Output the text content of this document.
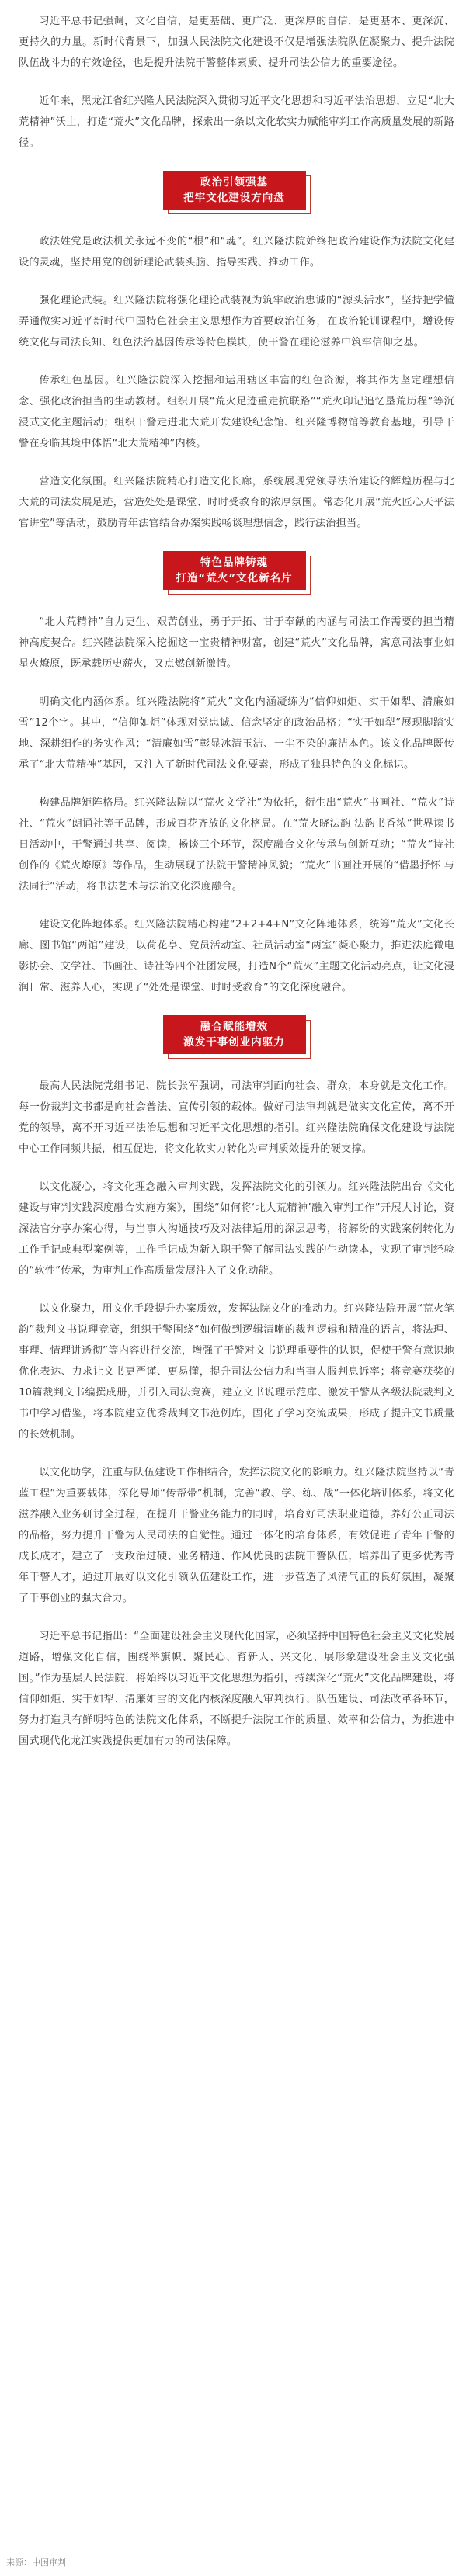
习近平总书记强调，文化自信，是更基础、更广泛、更深厚的自信，是更基本、更深沉、更持久的力量。新时代背景下，加强人民法院文化建设不仅是增强法院队伍凝聚力、提升法院队伍战斗力的有效途径，也是提升法院干警整体素质、提升司法公信力的重要途径。

近年来，黑龙江省红兴隆人民法院深入贯彻习近平文化思想和习近平法治思想，立足“北大荒精神”沃土，打造“荒火”文化品牌，探索出一条以文化软实力赋能审判工作高质量发展的新路径。

政治引领强基
把牢文化建设方向盘

政法姓党是政法机关永远不变的“根”和“魂”。红兴隆法院始终把政治建设作为法院文化建设的灵魂，坚持用党的创新理论武装头脑、指导实践、推动工作。

强化理论武装。红兴隆法院将强化理论武装视为筑牢政治忠诚的“源头活水”，坚持把学懂弄通做实习近平新时代中国特色社会主义思想作为首要政治任务，在政治轮训课程中，增设传统文化与司法良知、红色法治基因传承等特色模块，使干警在理论滋养中筑牢信仰之基。

传承红色基因。红兴隆法院深入挖掘和运用辖区丰富的红色资源，将其作为坚定理想信念、强化政治担当的生动教材。组织开展“荒火足迹重走抗联路”“荒火印记追忆垦荒历程”等沉浸式文化主题活动；组织干警走进北大荒开发建设纪念馆、红兴隆博物馆等教育基地，引导干警在身临其境中体悟“北大荒精神”内核。

营造文化氛围。红兴隆法院精心打造文化长廊，系统展现党领导法治建设的辉煌历程与北大荒的司法发展足迹，营造处处是课堂、时时受教育的浓厚氛围。常态化开展“荒火匠心天平法官讲堂”等活动，鼓励青年法官结合办案实践畅谈理想信念，践行法治担当。

特色品牌铸魂
打造“荒火”文化新名片

“北大荒精神”自力更生、艰苦创业，勇于开拓、甘于奉献的内涵与司法工作需要的担当精神高度契合。红兴隆法院深入挖掘这一宝贵精神财富，创建“荒火”文化品牌，寓意司法事业如星火燎原，既承载历史薪火，又点燃创新激情。

明确文化内涵体系。红兴隆法院将“荒火”文化内涵凝练为“信仰如炬、实干如犁、清廉如雪”12个字。其中，“信仰如炬”体现对党忠诚、信念坚定的政治品格；“实干如犁”展现脚踏实地、深耕细作的务实作风；“清廉如雪”彰显冰清玉洁、一尘不染的廉洁本色。该文化品牌既传承了“北大荒精神”基因，又注入了新时代司法文化要素，形成了独具特色的文化标识。

构建品牌矩阵格局。红兴隆法院以“荒火文学社”为依托，衍生出“荒火”书画社、“荒火”诗社、“荒火”朗诵社等子品牌，形成百花齐放的文化格局。在“荒火晓法韵 法韵书香浓”世界读书日活动中，干警通过共享、阅读，畅谈三个环节，深度融合文化传承与创新互动；“荒火”诗社创作的《荒火燎原》等作品，生动展现了法院干警精神风貌；“荒火”书画社开展的“借墨抒怀 与法同行”活动，将书法艺术与法治文化深度融合。

建设文化阵地体系。红兴隆法院精心构建“2+2+4+N”文化阵地体系，统筹“荒火”文化长廊、图书馆“两馆”建设，以荷花亭、党员活动室、社员活动室“两室”凝心聚力，推进法庭微电影协会、文学社、书画社、诗社等四个社团发展，打造N个“荒火”主题文化活动亮点，让文化浸润日常、滋养人心，实现了“处处是课堂、时时受教育”的文化深度融合。

融合赋能增效
激发干事创业内驱力

最高人民法院党组书记、院长张军强调，司法审判面向社会、群众，本身就是文化工作。每一份裁判文书都是向社会普法、宣传引领的载体。做好司法审判就是做实文化宣传，离不开党的领导，离不开习近平法治思想和习近平文化思想的指引。红兴隆法院确保文化建设与法院中心工作同频共振，相互促进，将文化软实力转化为审判质效提升的硬支撑。

以文化凝心，将文化理念融入审判实践，发挥法院文化的引领力。红兴隆法院出台《文化建设与审判实践深度融合实施方案》，围绕“如何将‘北大荒精神’融入审判工作”开展大讨论，资深法官分享办案心得，与当事人沟通技巧及对法律适用的深层思考，将解纷的实践案例转化为工作手记或典型案例等，工作手记成为新入职干警了解司法实践的生动读本，实现了审判经验的“软性”传承，为审判工作高质量发展注入了文化动能。

以文化聚力，用文化手段提升办案质效，发挥法院文化的推动力。红兴隆法院开展“荒火笔韵”裁判文书说理竞赛，组织干警围绕“如何做到逻辑清晰的裁判逻辑和精准的语言，将法理、事理、情理讲透彻”等内容进行交流，增强了干警对文书说理重要性的认识，促使干警有意识地优化表达、力求让文书更严谨、更易懂，提升司法公信力和当事人服判息诉率；将竞赛获奖的10篇裁判文书编撰成册，并引入司法竞赛，建立文书说理示范库、激发干警从各级法院裁判文书中学习借鉴，将本院建立优秀裁判文书范例库，固化了学习交流成果，形成了提升文书质量的长效机制。

以文化助学，注重与队伍建设工作相结合，发挥法院文化的影响力。红兴隆法院坚持以“青蓝工程”为重要载体，深化导师“传帮带”机制，完善“教、学、练、战”一体化培训体系，将文化滋养融入业务研讨全过程，在提升干警业务能力的同时，培育好司法职业道德，养好公正司法的品格，努力提升干警为人民司法的自觉性。通过一体化的培育体系，有效促进了青年干警的成长成才，建立了一支政治过硬、业务精通、作风优良的法院干警队伍，培养出了更多优秀青年干警人才，通过开展好以文化引领队伍建设工作，进一步营造了风清气正的良好氛围，凝聚了干事创业的强大合力。

习近平总书记指出：“全面建设社会主义现代化国家，必须坚持中国特色社会主义文化发展道路，增强文化自信，围绕举旗帜、聚民心、育新人、兴文化、展形象建设社会主义文化强国。”作为基层人民法院，将始终以习近平文化思想为指引，持续深化“荒火”文化品牌建设，将信仰如炬、实干如犁、清廉如雪的文化内核深度融入审判执行、队伍建设、司法改革各环节，努力打造具有鲜明特色的法院文化体系，不断提升法院工作的质量、效率和公信力，为推进中国式现代化龙江实践提供更加有力的司法保障。

来源：中国审判
